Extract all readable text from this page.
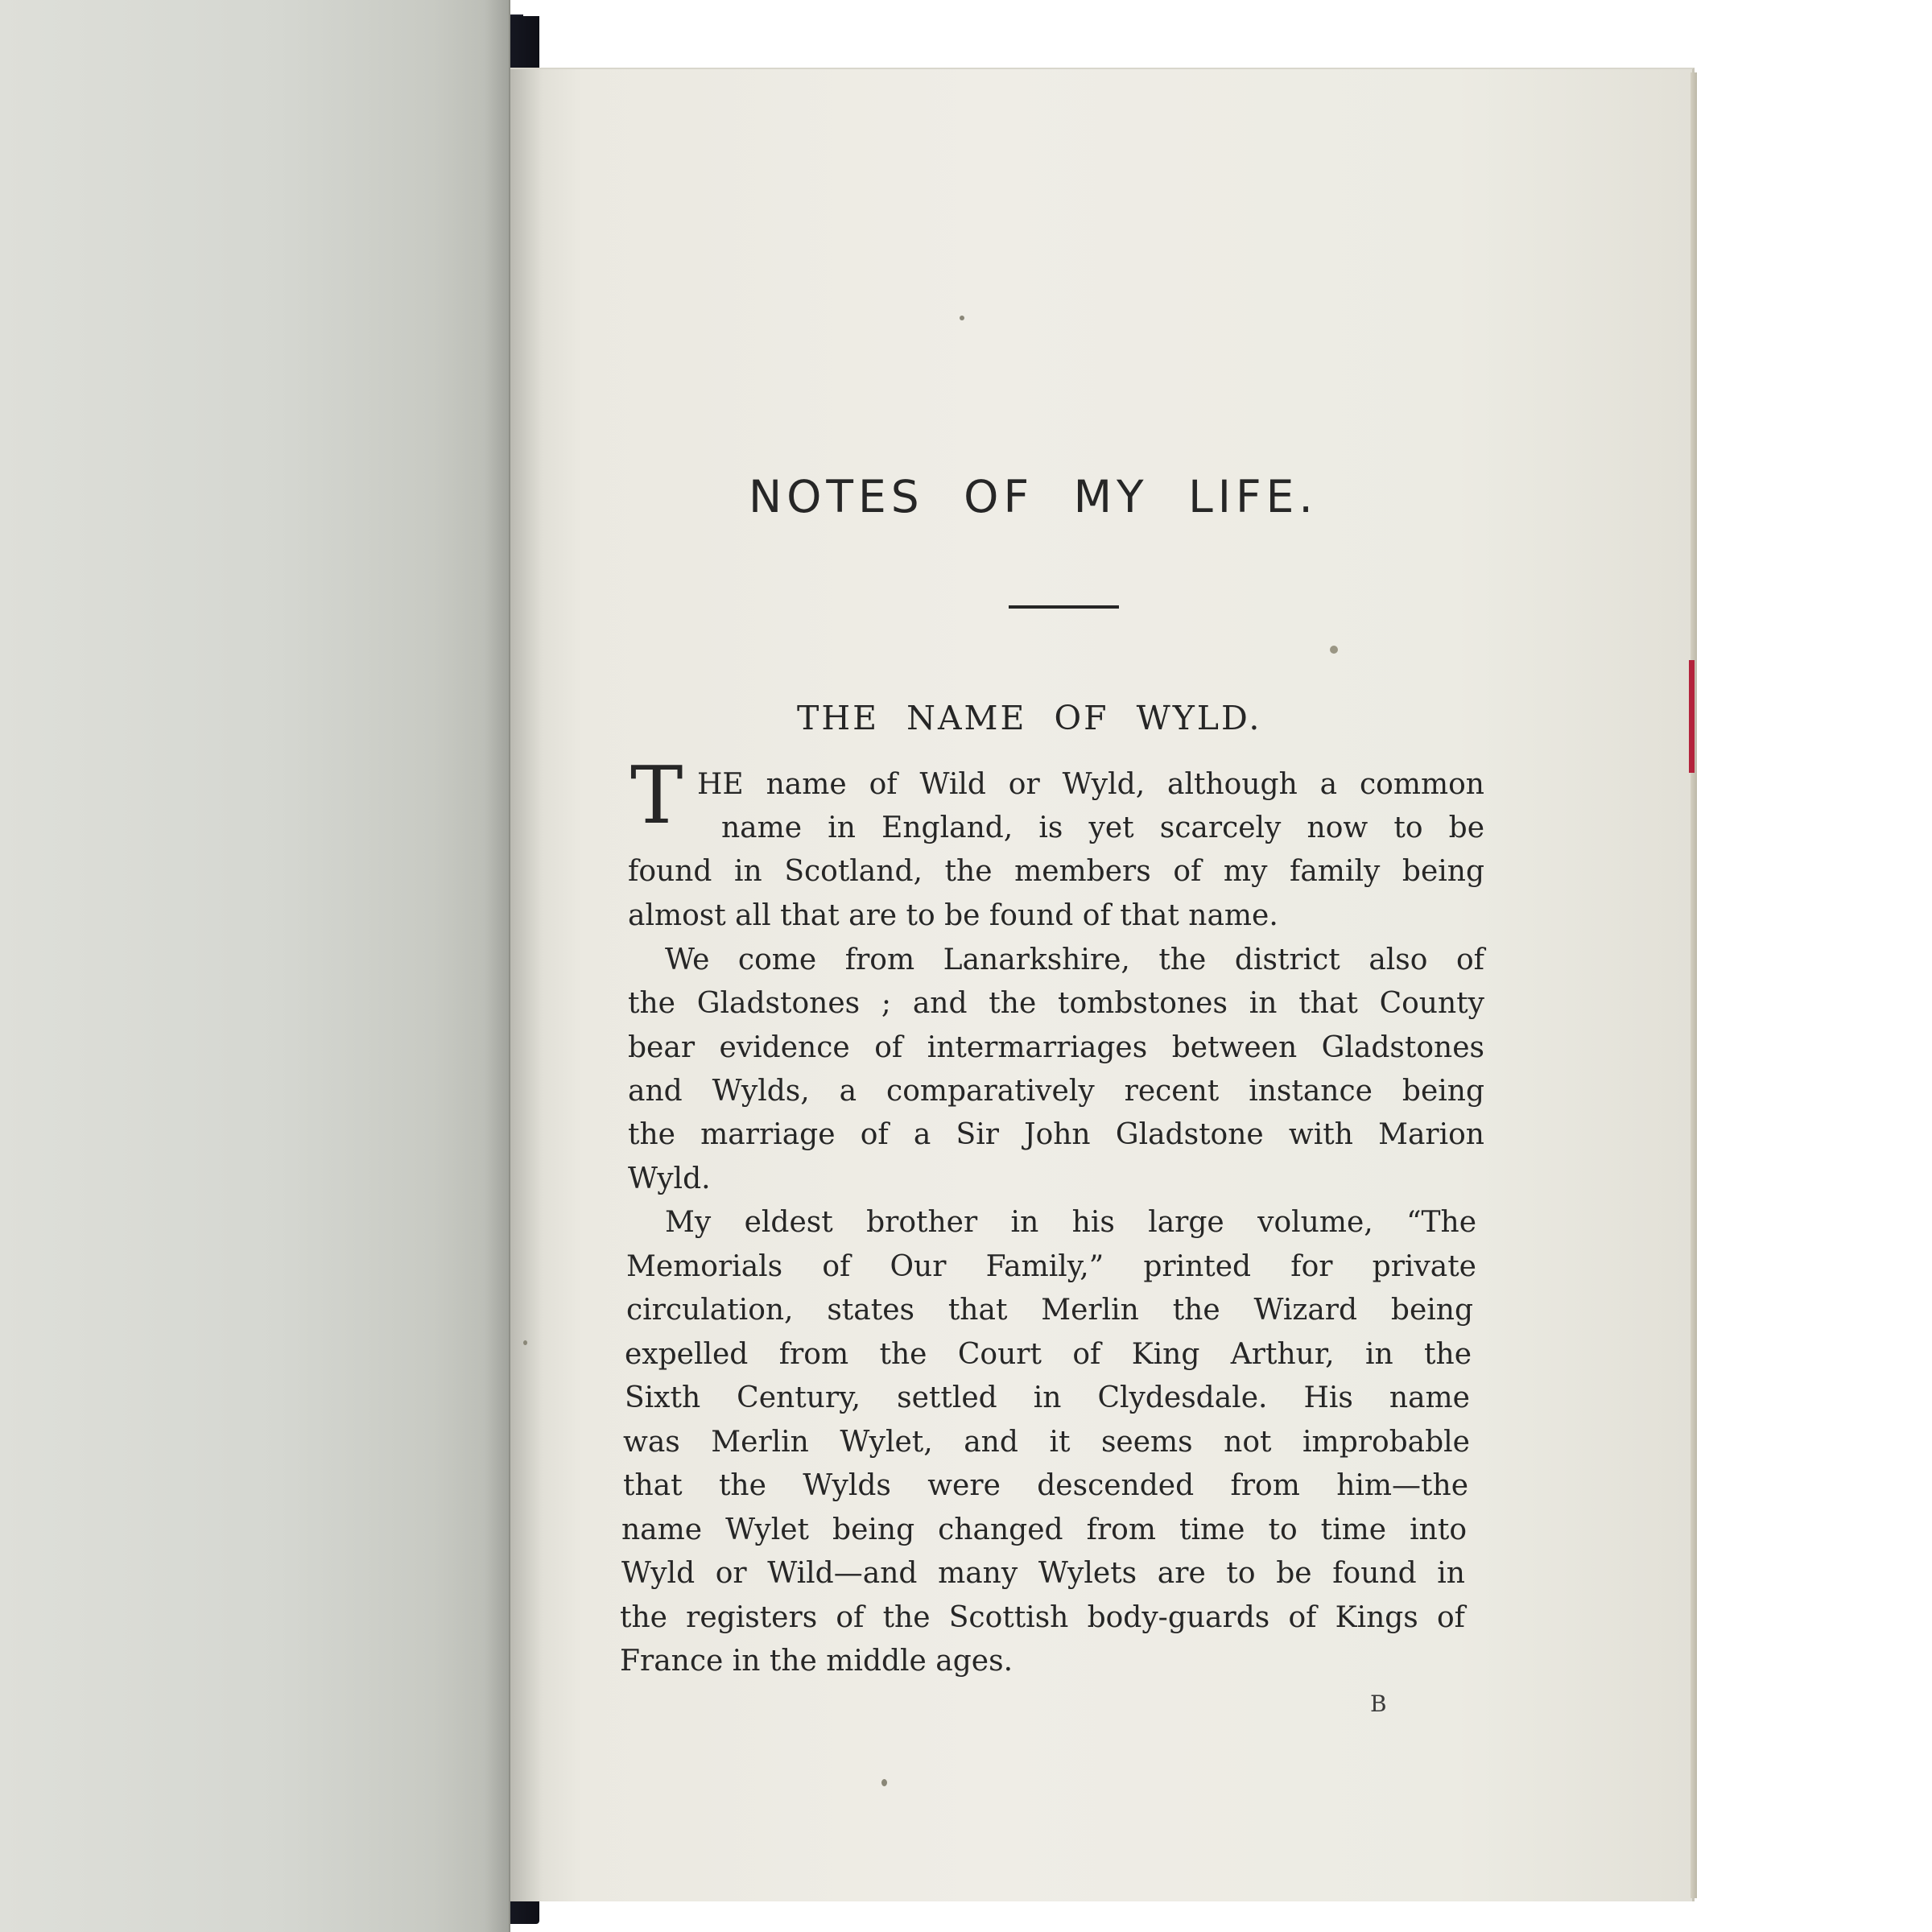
NOTES OF MY LIFE.
THE NAME OF WYLD.
T HE name of Wild or Wyld, although a common
name in England, is yet scarcely now to be
found in Scotland, the members of my family being
almost all that are to be found of that name.
We come from Lanarkshire, the district also of
the Gladstones ; and the tombstones in that County
bear evidence of intermarriages between Gladstones
and Wylds, a comparatively recent instance being
the marriage of a Sir John Gladstone with Marion
Wyld.
My eldest brother in his large volume, “The
Memorials of Our Family,” printed for private
circulation, states that Merlin the Wizard being
expelled from the Court of King Arthur, in the
Sixth Century, settled in Clydesdale. His name
was Merlin Wylet, and it seems not improbable
that the Wylds were descended from him—the
name Wylet being changed from time to time into
Wyld or Wild—and many Wylets are to be found in
the registers of the Scottish body-guards of Kings of
France in the middle ages.
B
